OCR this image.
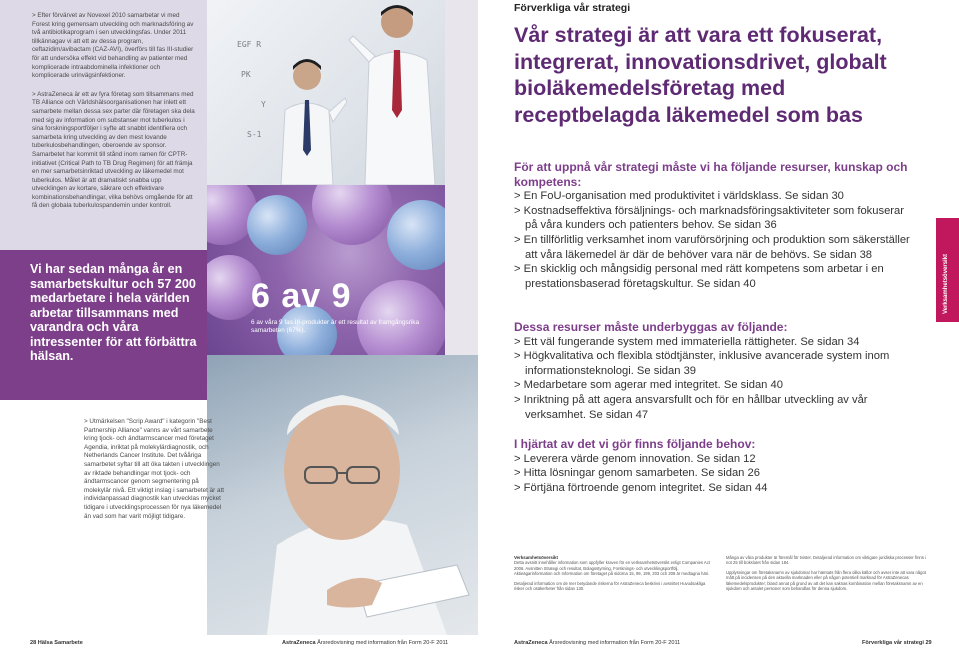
> Efter förvärvet av Novexel 2010 samarbetar vi med Forest kring gemensam utveckling och marknadsföring av två antibiotikaprogram i sen utvecklingsfas. Under 2011 tillkännagav vi att ett av dessa program, ceftazidim/avibactam (CAZ-AVI), överförs till fas III-studier för att undersöka effekt vid behandling av patienter med komplicerade intraabdominella infektioner och komplicerade urinvägsinfektioner.

> AstraZeneca är ett av fyra företag som tillsammans med TB Alliance och Världshälsoorganisationen har inlett ett samarbete mellan dessa sex parter där företagen ska dela med sig av information om substanser mot tuberkulos i sina forskningsportföljer i syfte att snabbt identifiera och samarbeta kring utveckling av den mest lovande tuberkulosbehandlingen, oberoende av sponsor. Samarbetet har kommit till stånd inom ramen för CPTR-initiativet (Critical Path to TB Drug Regimen) för att främja en mer samarbetsinriktad utveckling av läkemedel mot tuberkulos. Målet är att dramatiskt snabba upp utvecklingen av kortare, säkrare och effektivare kombinationsbehandlingar, vilka behövs omgående för att få den globala tuberkulospandemin under kontroll.

Vi har sedan många år en samarbetskultur och 57 200 medarbetare i hela världen arbetar tillsammans med varandra och våra intressenter för att förbättra hälsan.

EGF R
PK
Y
S-1
6 av 9
6 av våra 9 fas III-produkter är ett resultat av framgångsrika samarbeten (67%).

> Utmärkelsen "Scrip Award" i kategorin "Best Partnership Alliance" vanns av vårt samarbete kring tjock- och ändtarmscancer med företaget Agendia, inriktat på molekylärdiagnostik, och Netherlands Cancer Institute. Det tvååriga samarbetet syftar till att öka takten i utvecklingen av riktade behandlingar mot tjock- och ändtarmscancer genom segmentering på molekylär nivå. Ett viktigt inslag i samarbetet är att individanpassad diagnostik kan utvecklas mycket tidigare i utvecklingsprocessen för nya läkemedel än vad som har varit möjligt tidigare.

28 Hälsa Samarbete	AstraZeneca Årsredovisning med information från Form 20-F 2011
Förverkliga vår strategi
Vår strategi är att vara ett fokuserat, integrerat, innovationsdrivet, globalt bioläkemedelsföretag med receptbelagda läkemedel som bas
För att uppnå vår strategi måste vi ha följande resurser, kunskap och kompetens:
> En FoU-organisation med produktivitet i världsklass. Se sidan 30
> Kostnadseffektiva försäljnings- och marknadsföringsaktiviteter som fokuserar på våra kunders och patienters behov. Se sidan 36
> En tillförlitlig verksamhet inom varuförsörjning och produktion som säkerställer att våra läkemedel är där de behöver vara när de behövs. Se sidan 38
> En skicklig och mångsidig personal med rätt kompetens som arbetar i en prestationsbaserad företagskultur. Se sidan 40
Dessa resurser måste underbyggas av följande:
> Ett väl fungerande system med immateriella rättigheter. Se sidan 34
> Högkvalitativa och flexibla stödtjänster, inklusive avancerade system inom informationsteknologi. Se sidan 39
> Medarbetare som agerar med integritet. Se sidan 40
> Inriktning på att agera ansvarsfullt och för en hållbar utveckling av vår verksamhet. Se sidan 47
I hjärtat av det vi gör finns följande behov:
> Leverera värde genom innovation. Se sidan 12
> Hitta lösningar genom samarbeten. Se sidan 26
> Förtjäna förtroende genom integritet. Se sidan 44
Verksamhetsöversikt
Verksamhetsöversikt

Detta avsnitt innehåller information som uppfyller kraven för en verksamhetsöversikt enligt Companies Act 2006. Avsnitten Strategi och resultat, Bolagsstyrning, Forsknings- och utvecklingsportfölj, Aktieägarinformation och Information om företaget på sidorna 15, 99, 199, 203 och 208 är medtagna häri.

Detaljerad information om de mer betydande riskerna för AstraZeneca beskrivs i avsnittet Huvudsakliga risker och osäkerheter från sidan 130.

Många av våra produkter är föremål för tvister. Detaljerad information om viktigare juridiska processer finns i not 25 till bokslutet från sidan 184.

Upplysningar om företaksnamn av sjukdomar har hämtats från flera olika källor och avser inte att vara något mått på incidensen på den aktuella marknaden eller på någon potentiell marknad för AstraZenecas läkemedelsprodukter; bland annat på grund av att det kan saknas kombination mellan företaksnamn av en sjukdom och antalet personer som behandlas för denna sjukdom.

AstraZeneca Årsredovisning med information från Form 20-F 2011	Förverkliga vår strategi 29
